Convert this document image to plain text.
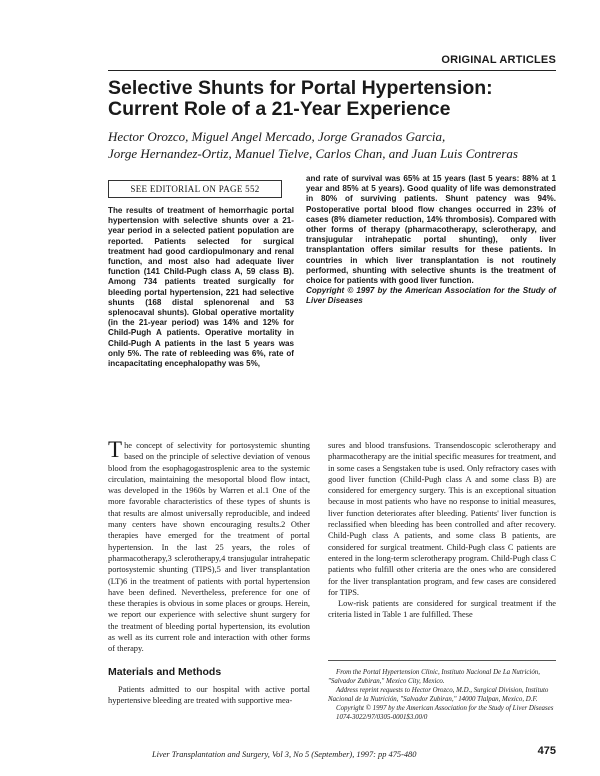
ORIGINAL ARTICLES
Selective Shunts for Portal Hypertension:
Current Role of a 21-Year Experience
Hector Orozco, Miguel Angel Mercado, Jorge Granados Garcia,
Jorge Hernandez-Ortiz, Manuel Tielve, Carlos Chan, and Juan Luis Contreras
SEE EDITORIAL ON PAGE 552

The results of treatment of hemorrhagic portal hypertension with selective shunts over a 21-year period in a selected patient population are reported. Patients selected for surgical treatment had good cardiopulmonary and renal function, and most also had adequate liver function (141 Child-Pugh class A, 59 class B). Among 734 patients treated surgically for bleeding portal hypertension, 221 had selective shunts (168 distal splenorenal and 53 splenocaval shunts). Global operative mortality (in the 21-year period) was 14% and 12% for Child-Pugh A patients. Operative mortality in Child-Pugh A patients in the last 5 years was only 5%. The rate of rebleeding was 6%, rate of incapacitating encephalopathy was 5%,

and rate of survival was 65% at 15 years (last 5 years: 88% at 1 year and 85% at 5 years). Good quality of life was demonstrated in 80% of surviving patients. Shunt patency was 94%. Postoperative portal blood flow changes occurred in 23% of cases (8% diameter reduction, 14% thrombosis). Compared with other forms of therapy (pharmacotherapy, sclerotherapy, and transjugular intrahepatic portal shunting), only liver transplantation offers similar results for these patients. In countries in which liver transplantation is not routinely performed, shunting with selective shunts is the treatment of choice for patients with good liver function.

Copyright © 1997 by the American Association for the Study of Liver Diseases

The concept of selectivity for portosystemic shunting based on the principle of selective deviation of venous blood from the esophagogastrosplenic area to the systemic circulation, maintaining the mesoportal blood flow intact, was developed in the 1960s by Warren et al.1 One of the more favorable characteristics of these types of shunts is that results are almost universally reproducible, and indeed many centers have shown encouraging results.2 Other therapies have emerged for the treatment of portal hypertension. In the last 25 years, the roles of pharmacotherapy,3 sclerotherapy,4 transjugular intrahepatic portosystemic shunting (TIPS),5 and liver transplantation (LT)6 in the treatment of patients with portal hypertension have been defined. Nevertheless, preference for one of these therapies is obvious in some places or groups. Herein, we report our experience with selective shunt surgery for the treatment of bleeding portal hypertension, its evolution as well as its current role and interaction with other forms of therapy.

Materials and Methods

Patients admitted to our hospital with active portal hypertensive bleeding are treated with supportive mea-

sures and blood transfusions. Transendoscopic sclerotherapy and pharmacotherapy are the initial specific measures for treatment, and in some cases a Sengstaken tube is used. Only refractory cases with good liver function (Child-Pugh class A and some class B) are considered for emergency surgery. This is an exceptional situation because in most patients who have no response to initial measures, liver function deteriorates after bleeding. Patients' liver function is reclassified when bleeding has been controlled and after recovery. Child-Pugh class A patients, and some class B patients, are considered for surgical treatment. Child-Pugh class C patients are entered in the long-term sclerotherapy program. Child-Pugh class C patients who fulfill other criteria are the ones who are considered for the liver transplantation program, and few cases are considered for TIPS.

Low-risk patients are considered for surgical treatment if the criteria listed in Table 1 are fulfilled. These

From the Portal Hypertension Clinic, Instituto Nacional De La Nutrición, "Salvador Zubiran," Mexico City, Mexico.

Address reprint requests to Hector Orozco, M.D., Surgical Division, Instituto Nacional de la Nutrición, "Salvador Zubiran," 14000 Tlalpan, Mexico, D.F.

Copyright © 1997 by the American Association for the Study of Liver Diseases

1074-3022/97/0305-0001$3.00/0

Liver Transplantation and Surgery, Vol 3, No 5 (September), 1997: pp 475-480	475
